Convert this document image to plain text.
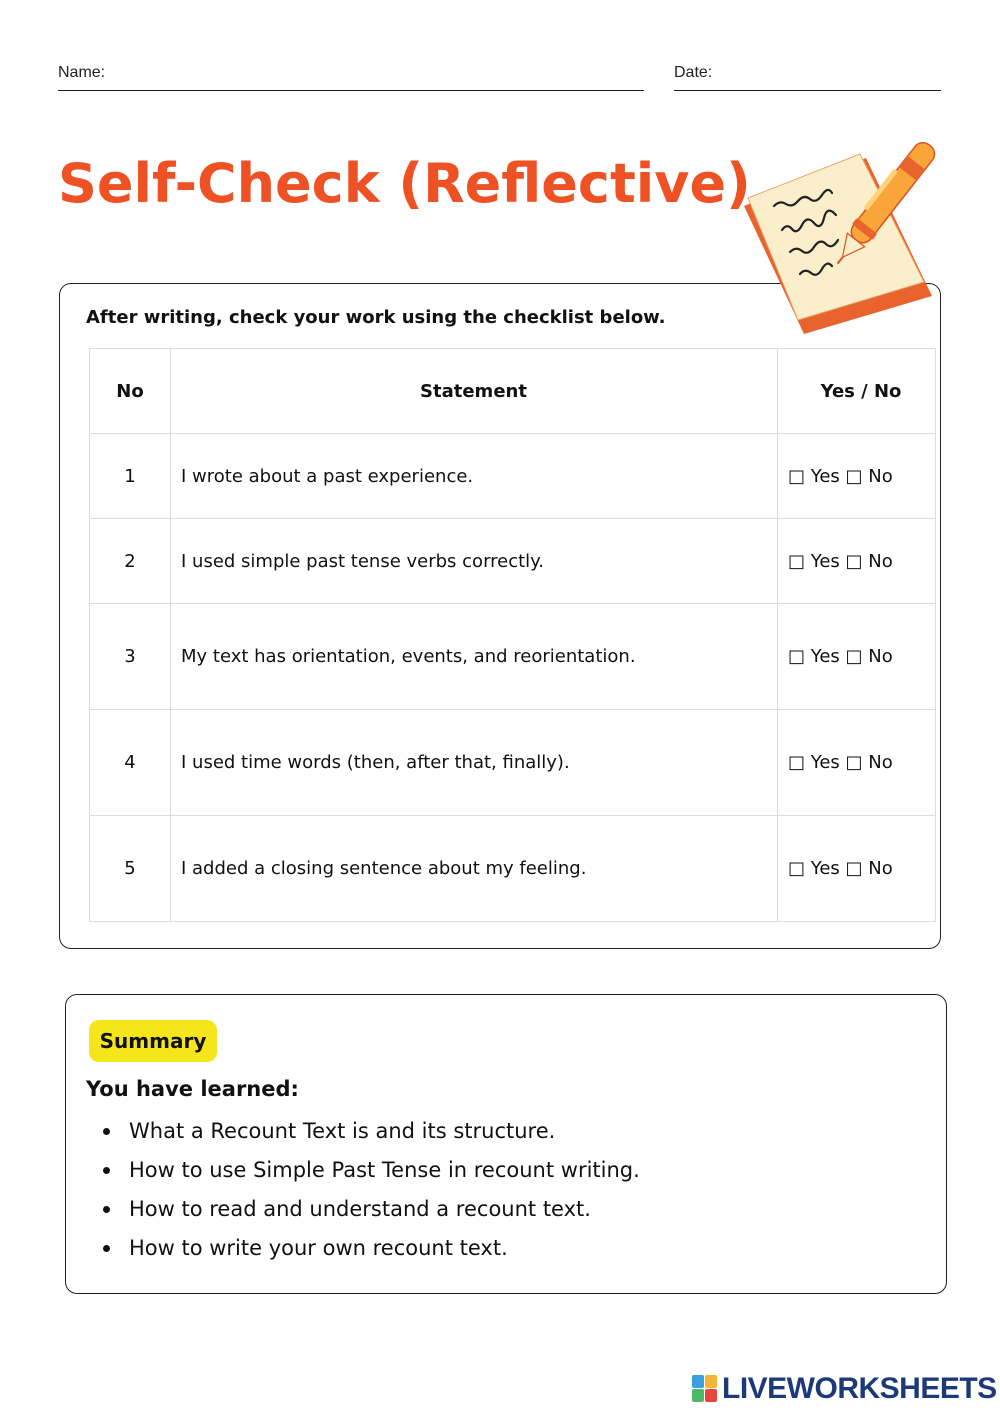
Name:	Date:
Self-Check (Reflective)
After writing, check your work using the checklist below.
No	Statement	Yes / No
1	I wrote about a past experience.	□ Yes □ No
2	I used simple past tense verbs correctly.	□ Yes □ No
3	My text has orientation, events, and reorientation.	□ Yes □ No
4	I used time words (then, after that, finally).	□ Yes □ No
5	I added a closing sentence about my feeling.	□ Yes □ No
Summary
You have learned:
What a Recount Text is and its structure.
How to use Simple Past Tense in recount writing.
How to read and understand a recount text.
How to write your own recount text.
LIVEWORKSHEETS
